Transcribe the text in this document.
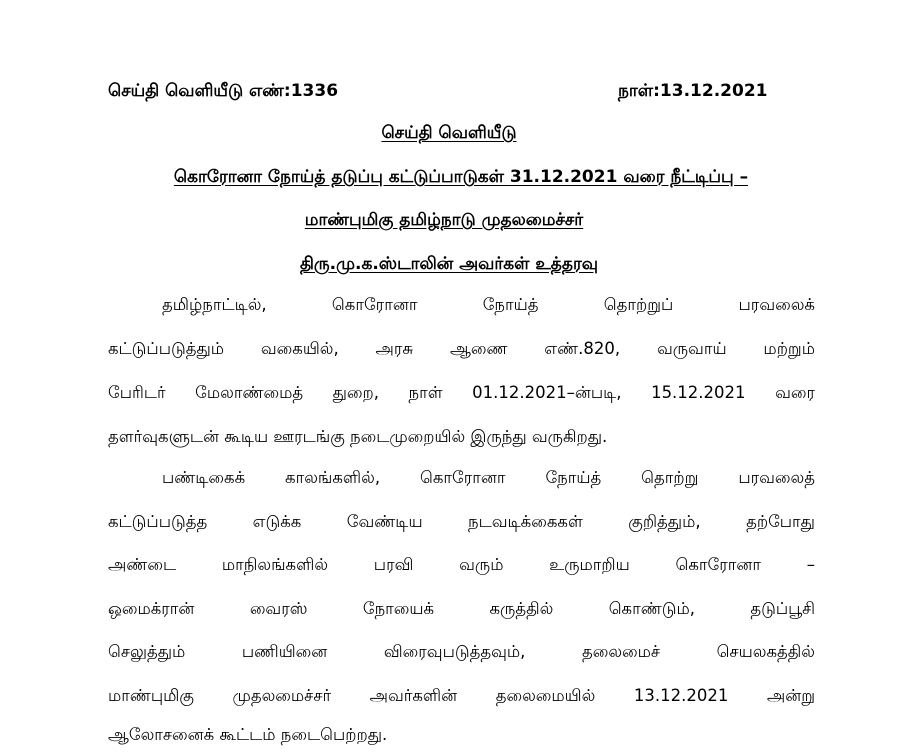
செய்தி வெளியீடு எண்:1336	நாள்:13.12.2021
செய்தி வெளியீடு
கொரோனா நோய்த் தடுப்பு கட்டுப்பாடுகள் 31.12.2021 வரை நீட்டிப்பு –
மாண்புமிகு தமிழ்நாடு முதலமைச்சர்
திரு.மு.க.ஸ்டாலின் அவர்கள் உத்தரவு
தமிழ்நாட்டில், கொரோனா நோய்த் தொற்றுப் பரவலைக்
கட்டுப்படுத்தும் வகையில், அரசு ஆணை எண்.820, வருவாய் மற்றும்
பேரிடர் மேலாண்மைத் துறை, நாள் 01.12.2021–ன்படி, 15.12.2021 வரை
தளர்வுகளுடன் கூடிய ஊரடங்கு நடைமுறையில் இருந்து வருகிறது.
பண்டிகைக் காலங்களில், கொரோனா நோய்த் தொற்று பரவலைத்
கட்டுப்படுத்த எடுக்க வேண்டிய நடவடிக்கைகள் குறித்தும், தற்போது
அண்டை மாநிலங்களில் பரவி வரும் உருமாறிய கொரோனா –
ஒமைக்ரான் வைரஸ் நோயைக் கருத்தில் கொண்டும், தடுப்பூசி
செலுத்தும் பணியினை விரைவுபடுத்தவும், தலைமைச் செயலகத்தில்
மாண்புமிகு முதலமைச்சர் அவர்களின் தலைமையில் 13.12.2021 அன்று
ஆலோசனைக் கூட்டம் நடைபெற்றது.
